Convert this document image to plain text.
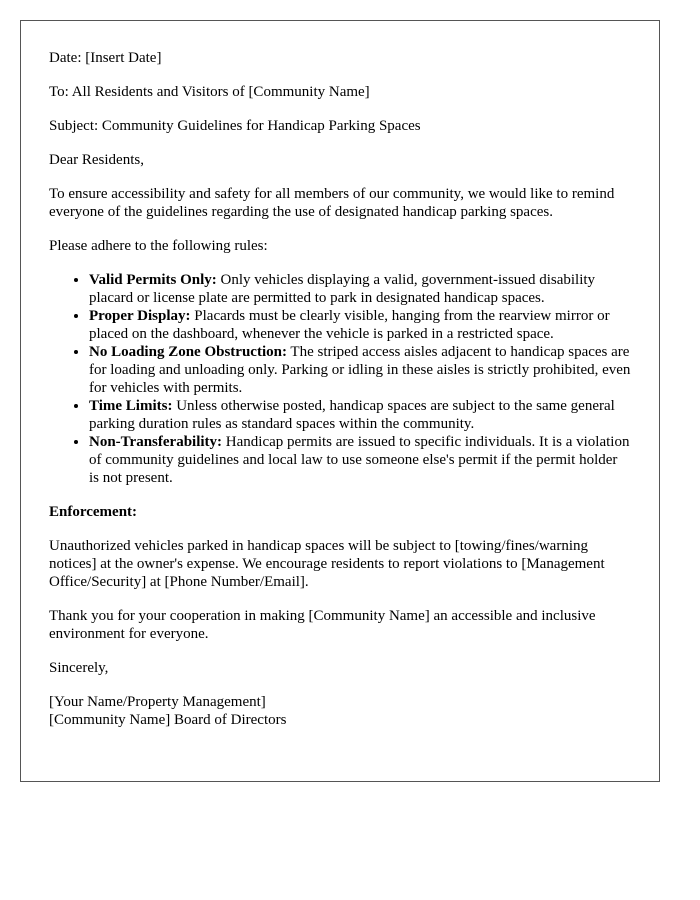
Date: [Insert Date]

To: All Residents and Visitors of [Community Name]

Subject: Community Guidelines for Handicap Parking Spaces

Dear Residents,

To ensure accessibility and safety for all members of our community, we would like to remind everyone of the guidelines regarding the use of designated handicap parking spaces.

Please adhere to the following rules:

• Valid Permits Only: Only vehicles displaying a valid, government-issued disability placard or license plate are permitted to park in designated handicap spaces.
• Proper Display: Placards must be clearly visible, hanging from the rearview mirror or placed on the dashboard, whenever the vehicle is parked in a restricted space.
• No Loading Zone Obstruction: The striped access aisles adjacent to handicap spaces are for loading and unloading only. Parking or idling in these aisles is strictly prohibited, even for vehicles with permits.
• Time Limits: Unless otherwise posted, handicap spaces are subject to the same general parking duration rules as standard spaces within the community.
• Non-Transferability: Handicap permits are issued to specific individuals. It is a violation of community guidelines and local law to use someone else's permit if the permit holder is not present.

Enforcement:

Unauthorized vehicles parked in handicap spaces will be subject to [towing/fines/warning notices] at the owner's expense. We encourage residents to report violations to [Management Office/Security] at [Phone Number/Email].

Thank you for your cooperation in making [Community Name] an accessible and inclusive environment for everyone.

Sincerely,

[Your Name/Property Management]

[Community Name] Board of Directors
